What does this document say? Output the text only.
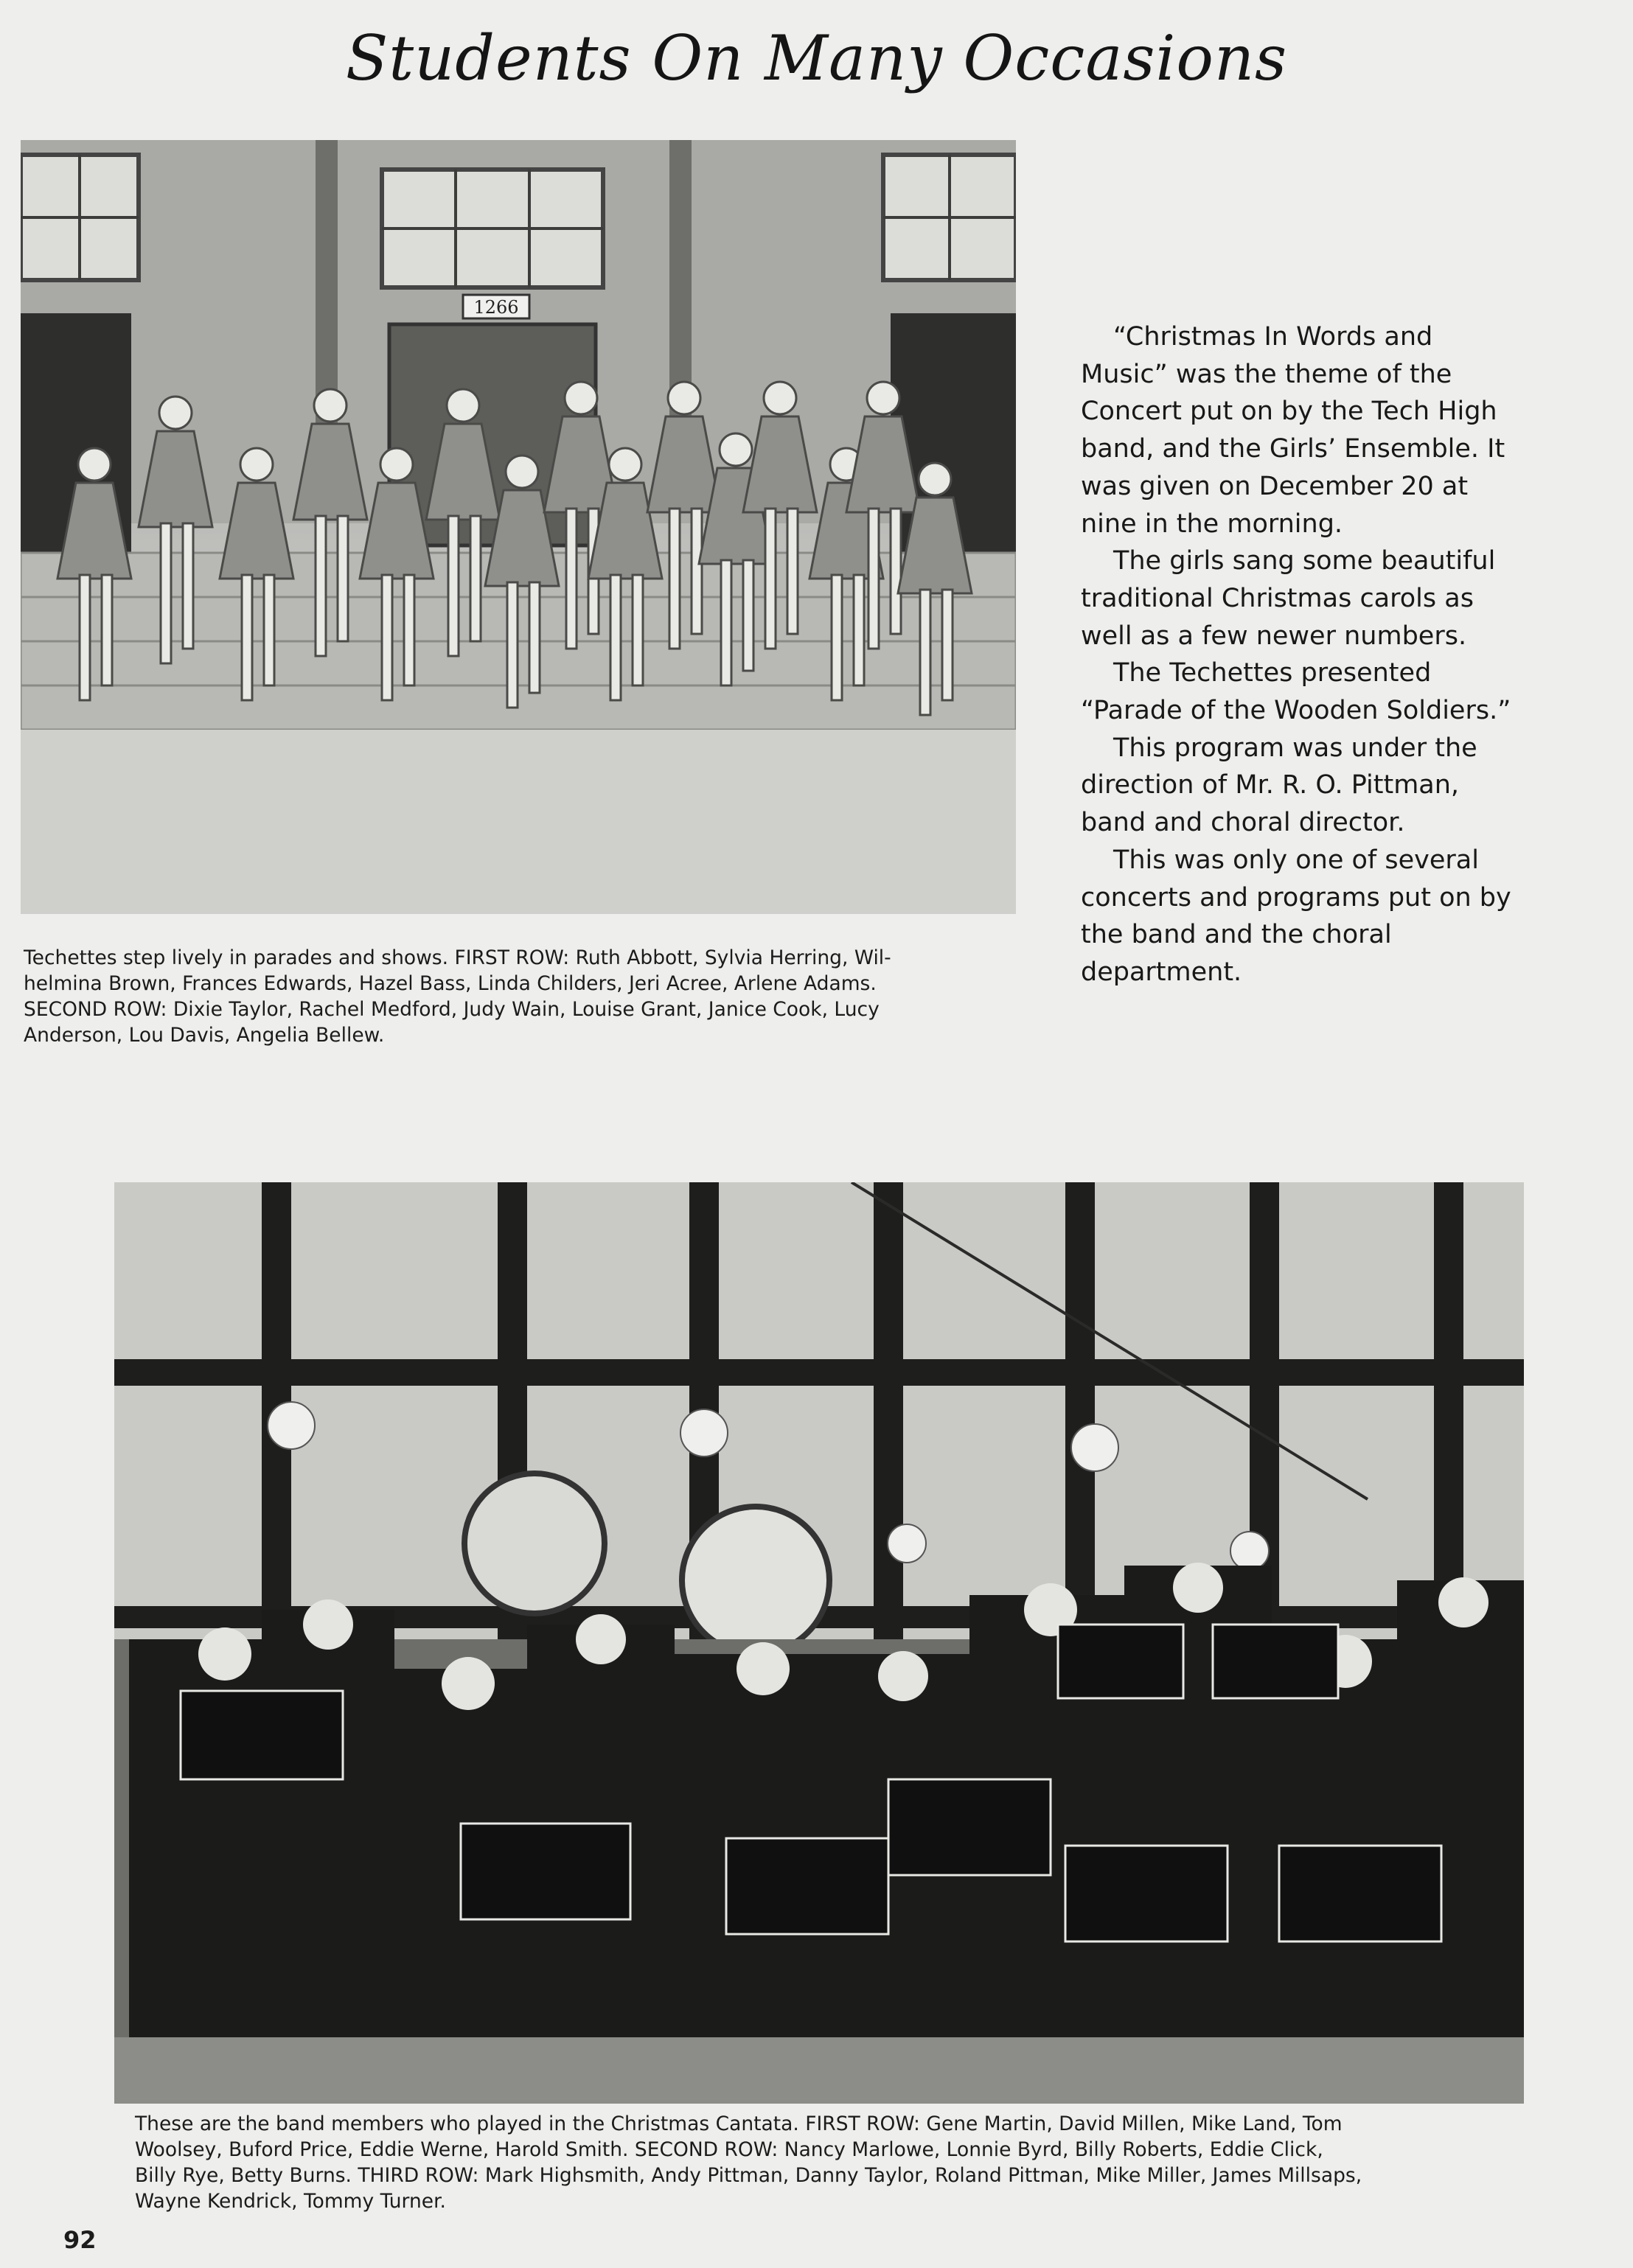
Students On Many Occasions
1266
Techettes step lively in parades and shows. FIRST ROW: Ruth Abbott, Sylvia Herring, Wil-
helmina Brown, Frances Edwards, Hazel Bass, Linda Childers, Jeri Acree, Arlene Adams.
SECOND ROW: Dixie Taylor, Rachel Medford, Judy Wain, Louise Grant, Janice Cook, Lucy
Anderson, Lou Davis, Angelia Bellew.

“Christmas In Words and Music” was the theme of the Concert put on by the Tech High band, and the Girls’ Ensemble. It was given on December 20 at nine in the morning.

The girls sang some beautiful traditional Christmas carols as well as a few newer numbers.

The Techettes presented “Parade of the Wooden Soldiers.”

This program was under the direction of Mr. R. O. Pittman, band and choral director.

This was only one of several concerts and programs put on by the band and the choral department.

These are the band members who played in the Christmas Cantata. FIRST ROW: Gene Martin, David Millen, Mike Land, Tom
Woolsey, Buford Price, Eddie Werne, Harold Smith. SECOND ROW: Nancy Marlowe, Lonnie Byrd, Billy Roberts, Eddie Click,
Billy Rye, Betty Burns. THIRD ROW: Mark Highsmith, Andy Pittman, Danny Taylor, Roland Pittman, Mike Miller, James Millsaps,
Wayne Kendrick, Tommy Turner.
92
